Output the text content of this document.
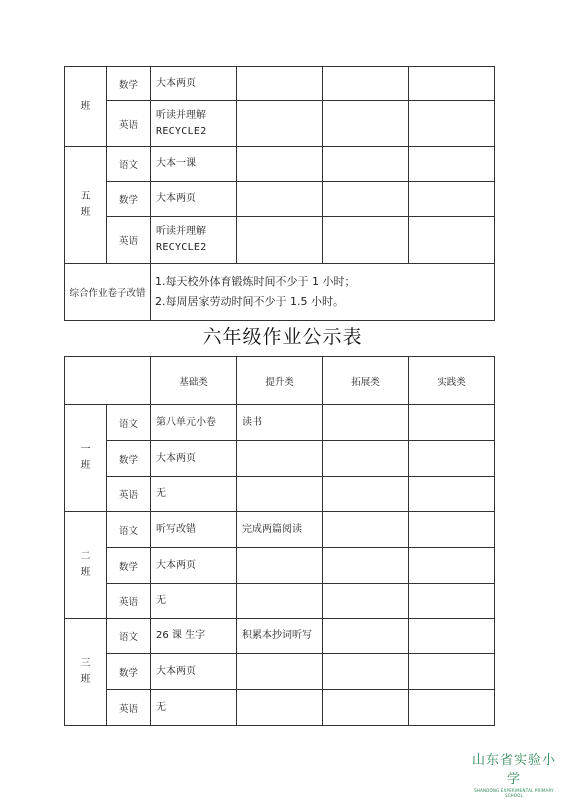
班	数学	大本两页			
	英语	听读并理解
RECYCLE2			

五
班	语文	大本一课			
	数学	大本两页			
	英语	听读并理解
RECYCLE2			

综合作业卷子改错		1.每天校外体育锻炼时间不少于 1 小时；
2.每周居家劳动时间不少于 1.5 小时。			
六年级作业公示表
		基础类	提升类	拓展类	实践类

一
班	语文	第八单元小卷	读书		
	数学	大本两页			
	英语	无			

二
班	语文	听写改错	完成两篇阅读		
	数学	大本两页			
	英语	无			

三
班	语文	26 课 生字	积累本抄词听写		
	数学	大本两页			
	英语	无			
山东省实验小学
SHANDONG EXPERIMENTAL PRIMARY SCHOOL
